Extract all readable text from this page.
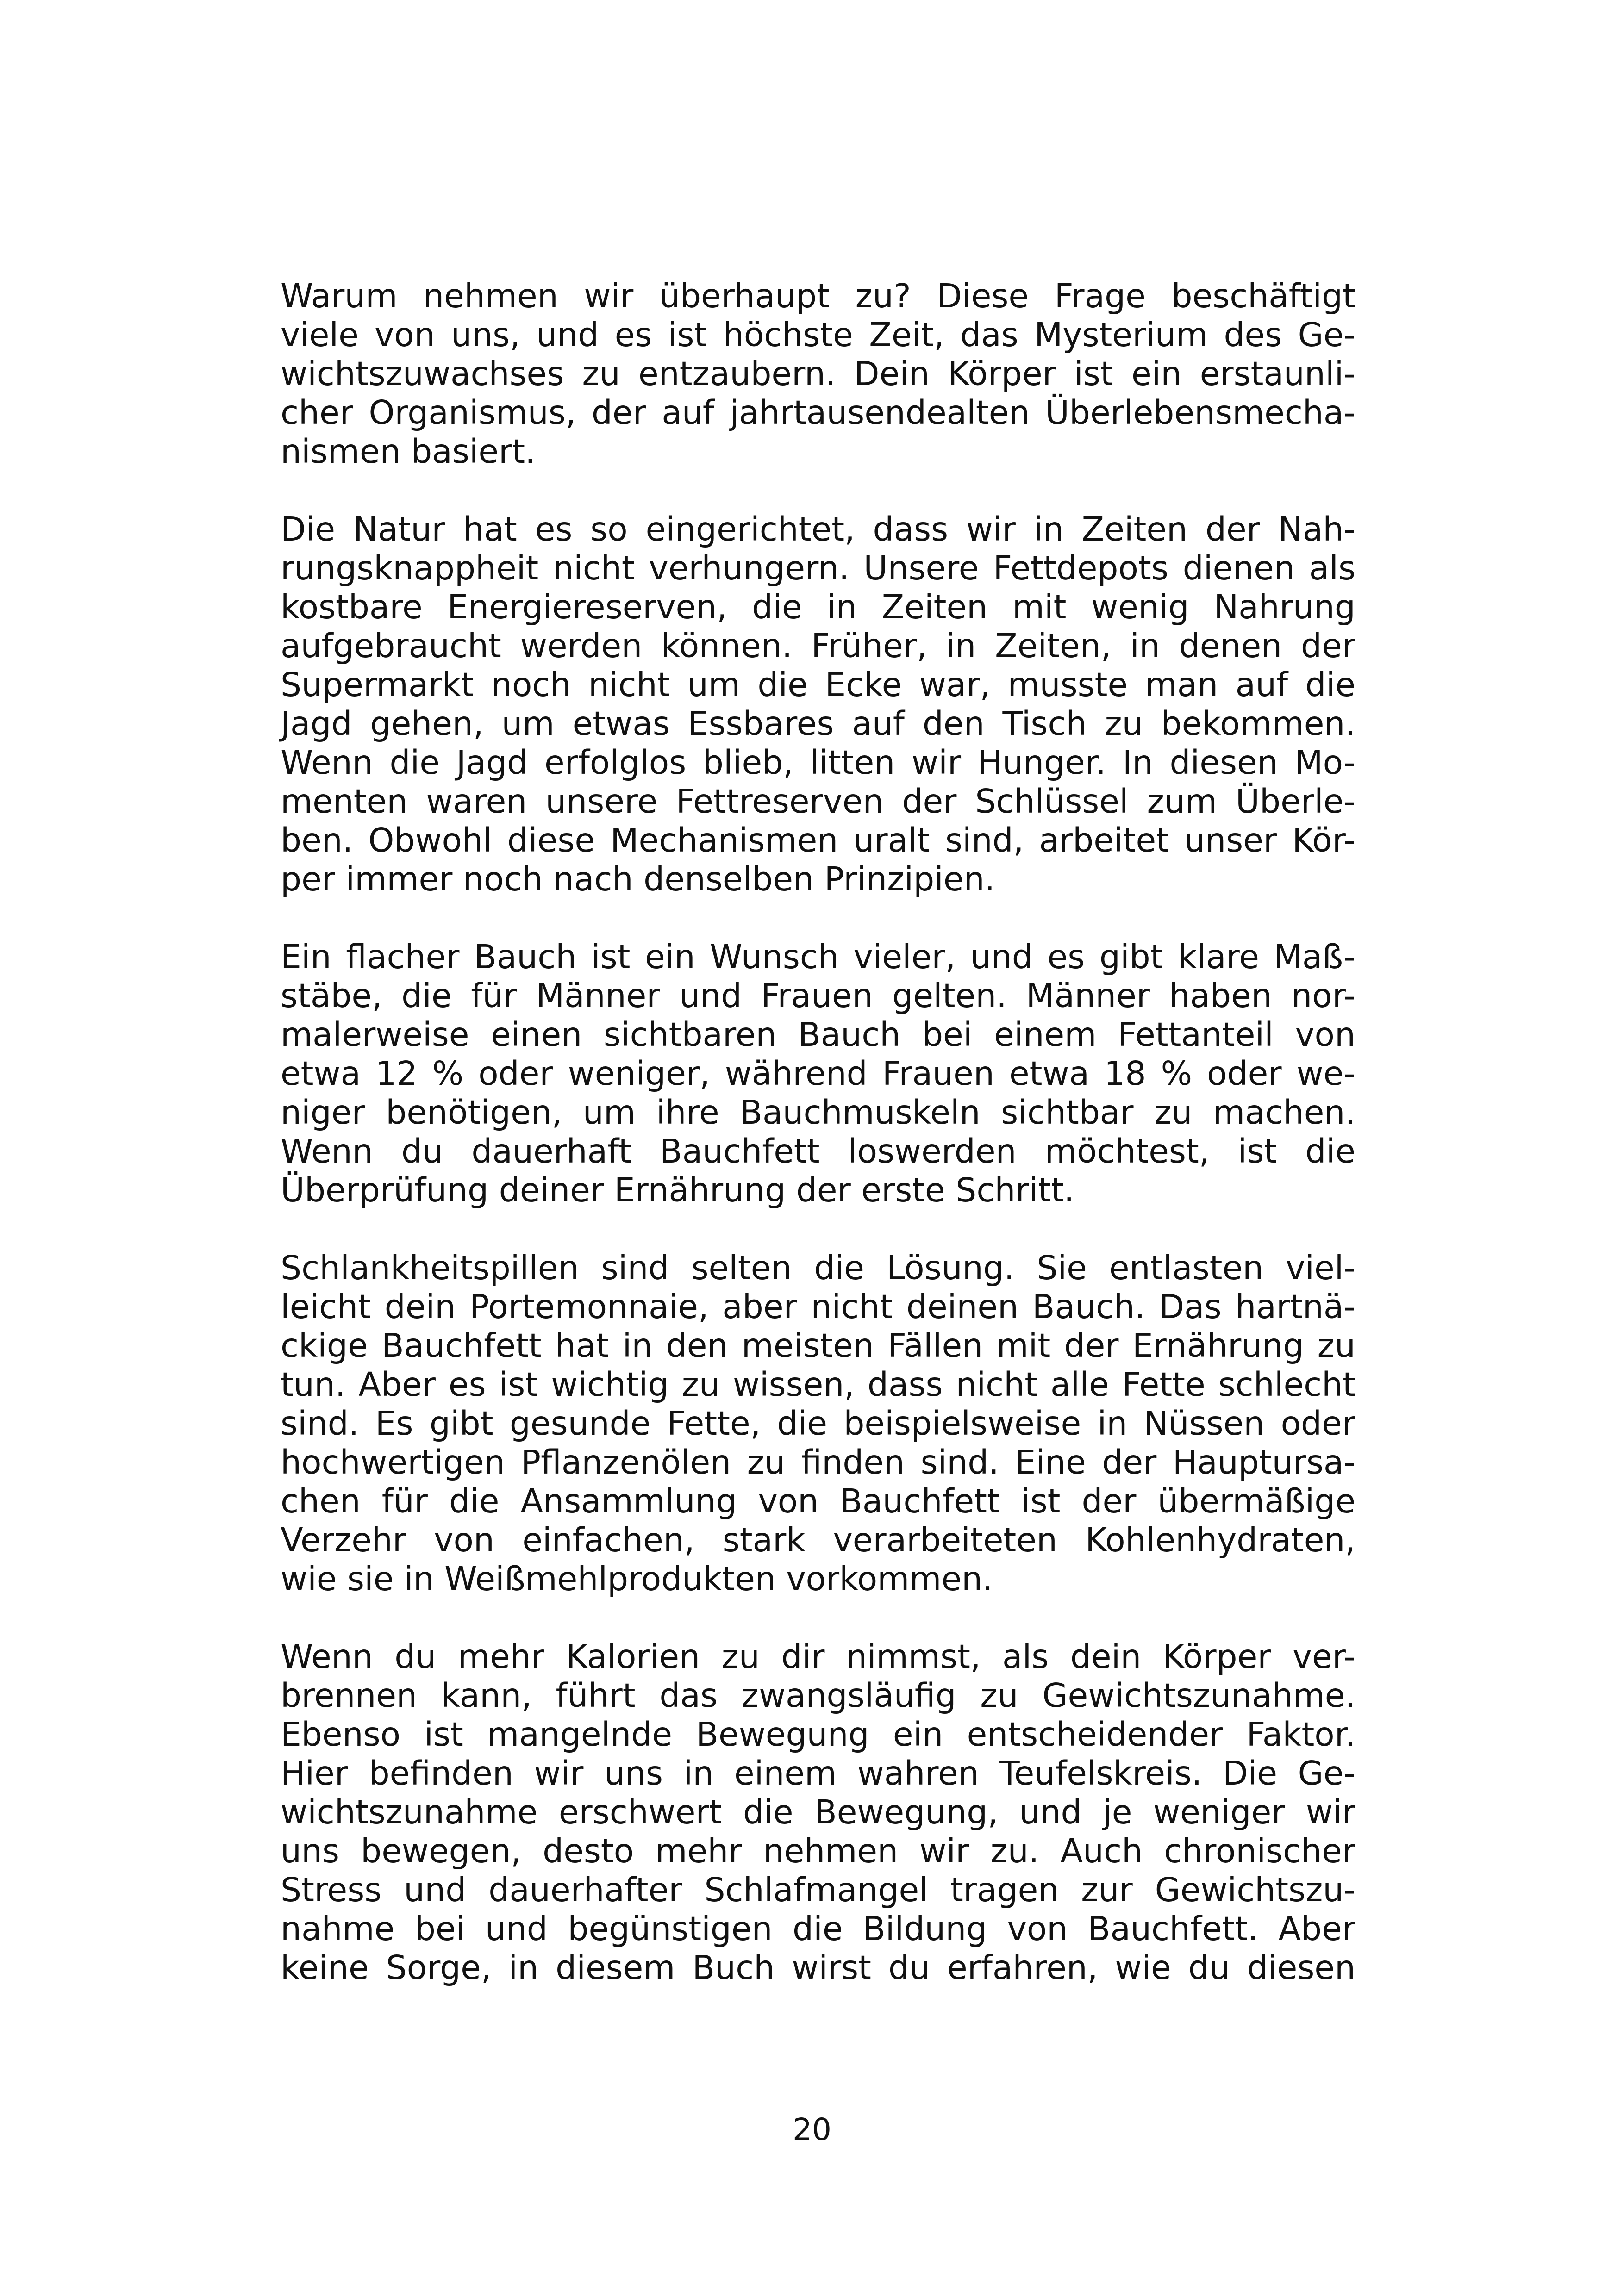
Warum nehmen wir überhaupt zu? Diese Frage beschäftigt
viele von uns, und es ist höchste Zeit, das Mysterium des Ge-
wichtszuwachses zu entzaubern. Dein Körper ist ein erstaunli-
cher Organismus, der auf jahrtausendealten Überlebensmecha-
nismen basiert.

Die Natur hat es so eingerichtet, dass wir in Zeiten der Nah-
rungsknappheit nicht verhungern. Unsere Fettdepots dienen als
kostbare Energiereserven, die in Zeiten mit wenig Nahrung
aufgebraucht werden können. Früher, in Zeiten, in denen der
Supermarkt noch nicht um die Ecke war, musste man auf die
Jagd gehen, um etwas Essbares auf den Tisch zu bekommen.
Wenn die Jagd erfolglos blieb, litten wir Hunger. In diesen Mo-
menten waren unsere Fettreserven der Schlüssel zum Überle-
ben. Obwohl diese Mechanismen uralt sind, arbeitet unser Kör-
per immer noch nach denselben Prinzipien.

Ein flacher Bauch ist ein Wunsch vieler, und es gibt klare Maß-
stäbe, die für Männer und Frauen gelten. Männer haben nor-
malerweise einen sichtbaren Bauch bei einem Fettanteil von
etwa 12 % oder weniger, während Frauen etwa 18 % oder we-
niger benötigen, um ihre Bauchmuskeln sichtbar zu machen.
Wenn du dauerhaft Bauchfett loswerden möchtest, ist die
Überprüfung deiner Ernährung der erste Schritt.

Schlankheitspillen sind selten die Lösung. Sie entlasten viel-
leicht dein Portemonnaie, aber nicht deinen Bauch. Das hartnä-
ckige Bauchfett hat in den meisten Fällen mit der Ernährung zu
tun. Aber es ist wichtig zu wissen, dass nicht alle Fette schlecht
sind. Es gibt gesunde Fette, die beispielsweise in Nüssen oder
hochwertigen Pflanzenölen zu finden sind. Eine der Hauptursa-
chen für die Ansammlung von Bauchfett ist der übermäßige
Verzehr von einfachen, stark verarbeiteten Kohlenhydraten,
wie sie in Weißmehlprodukten vorkommen.

Wenn du mehr Kalorien zu dir nimmst, als dein Körper ver-
brennen kann, führt das zwangsläufig zu Gewichtszunahme.
Ebenso ist mangelnde Bewegung ein entscheidender Faktor.
Hier befinden wir uns in einem wahren Teufelskreis. Die Ge-
wichtszunahme erschwert die Bewegung, und je weniger wir
uns bewegen, desto mehr nehmen wir zu. Auch chronischer
Stress und dauerhafter Schlafmangel tragen zur Gewichtszu-
nahme bei und begünstigen die Bildung von Bauchfett. Aber
keine Sorge, in diesem Buch wirst du erfahren, wie du diesen

20
